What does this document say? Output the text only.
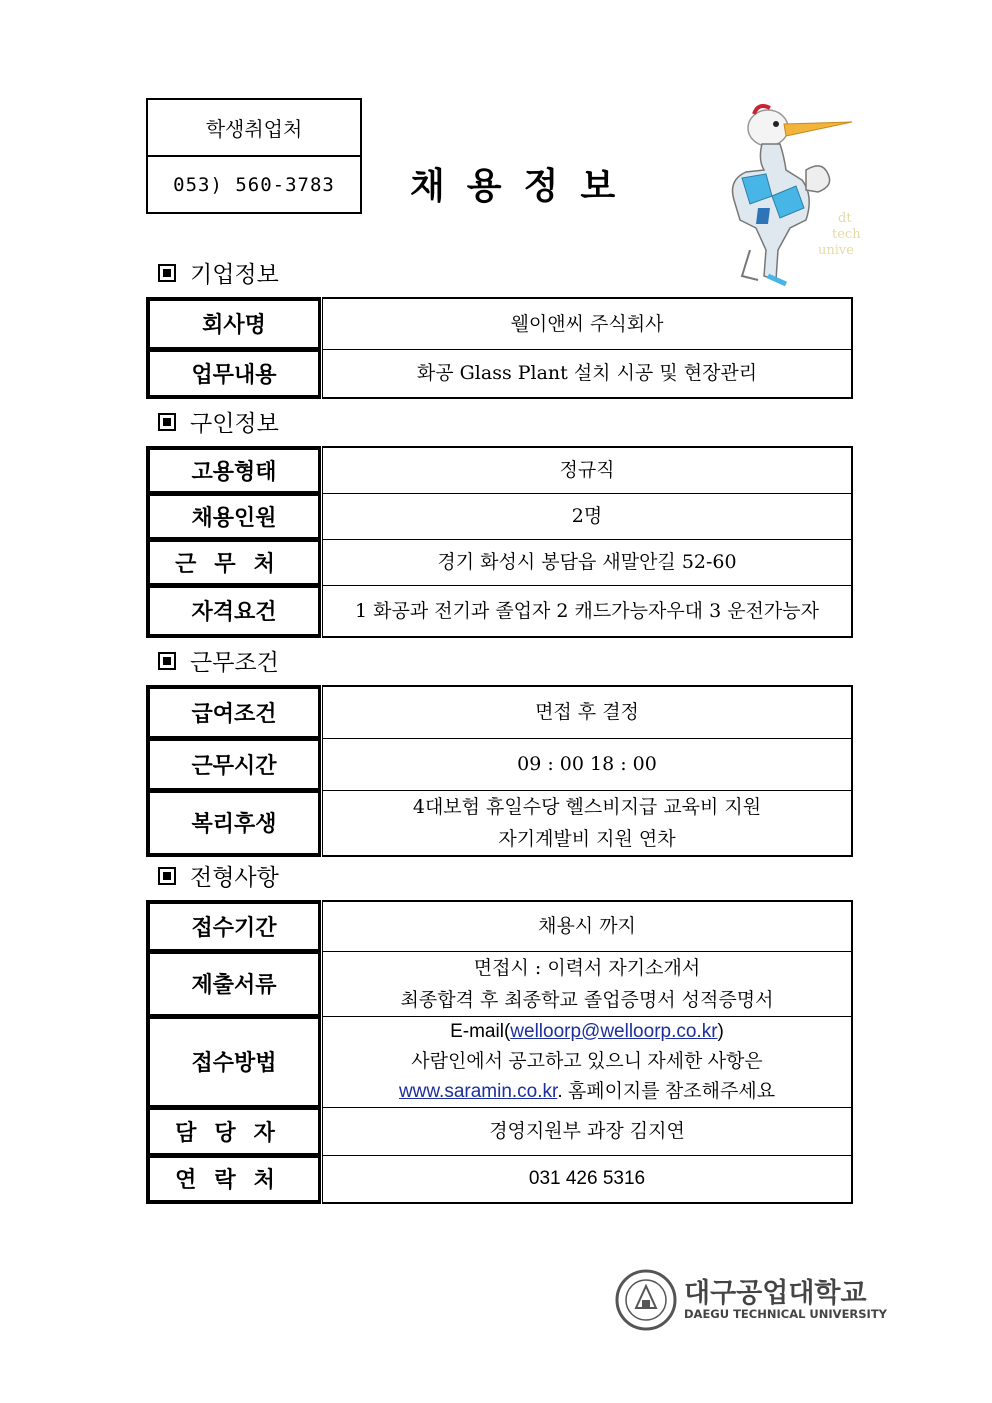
학생취업처
053) 560-3783	채용정보
dt
tech
unive
기업정보
회사명	웰이앤씨 주식회사
업무내용	화공 Glass Plant 설치 시공 및 현장관리
구인정보
고용형태	정규직
채용인원	2명
근무처	경기 화성시 봉담읍 새말안길 52-60
자격요건	1 화공과 전기과 졸업자 2 캐드가능자우대 3 운전가능자
근무조건
급여조건	면접 후 결정
근무시간	09 : 00 18 : 00
복리후생	4대보험 휴일수당 헬스비지급 교육비 지원
자기계발비 지원 연차
전형사항
접수기간	채용시 까지
제출서류	면접시 : 이력서 자기소개서
최종합격 후 최종학교 졸업증명서 성적증명서

접수방법	E-mail(welloorp@welloorp.co.kr)
사람인에서 공고하고 있으니 자세한 사항은
www.saramin.co.kr. 홈페이지를 참조해주세요

담당자	경영지원부 과장 김지연
연락처	031 426 5316
대구공업대학교
DAEGU TECHNICAL UNIVERSITY
